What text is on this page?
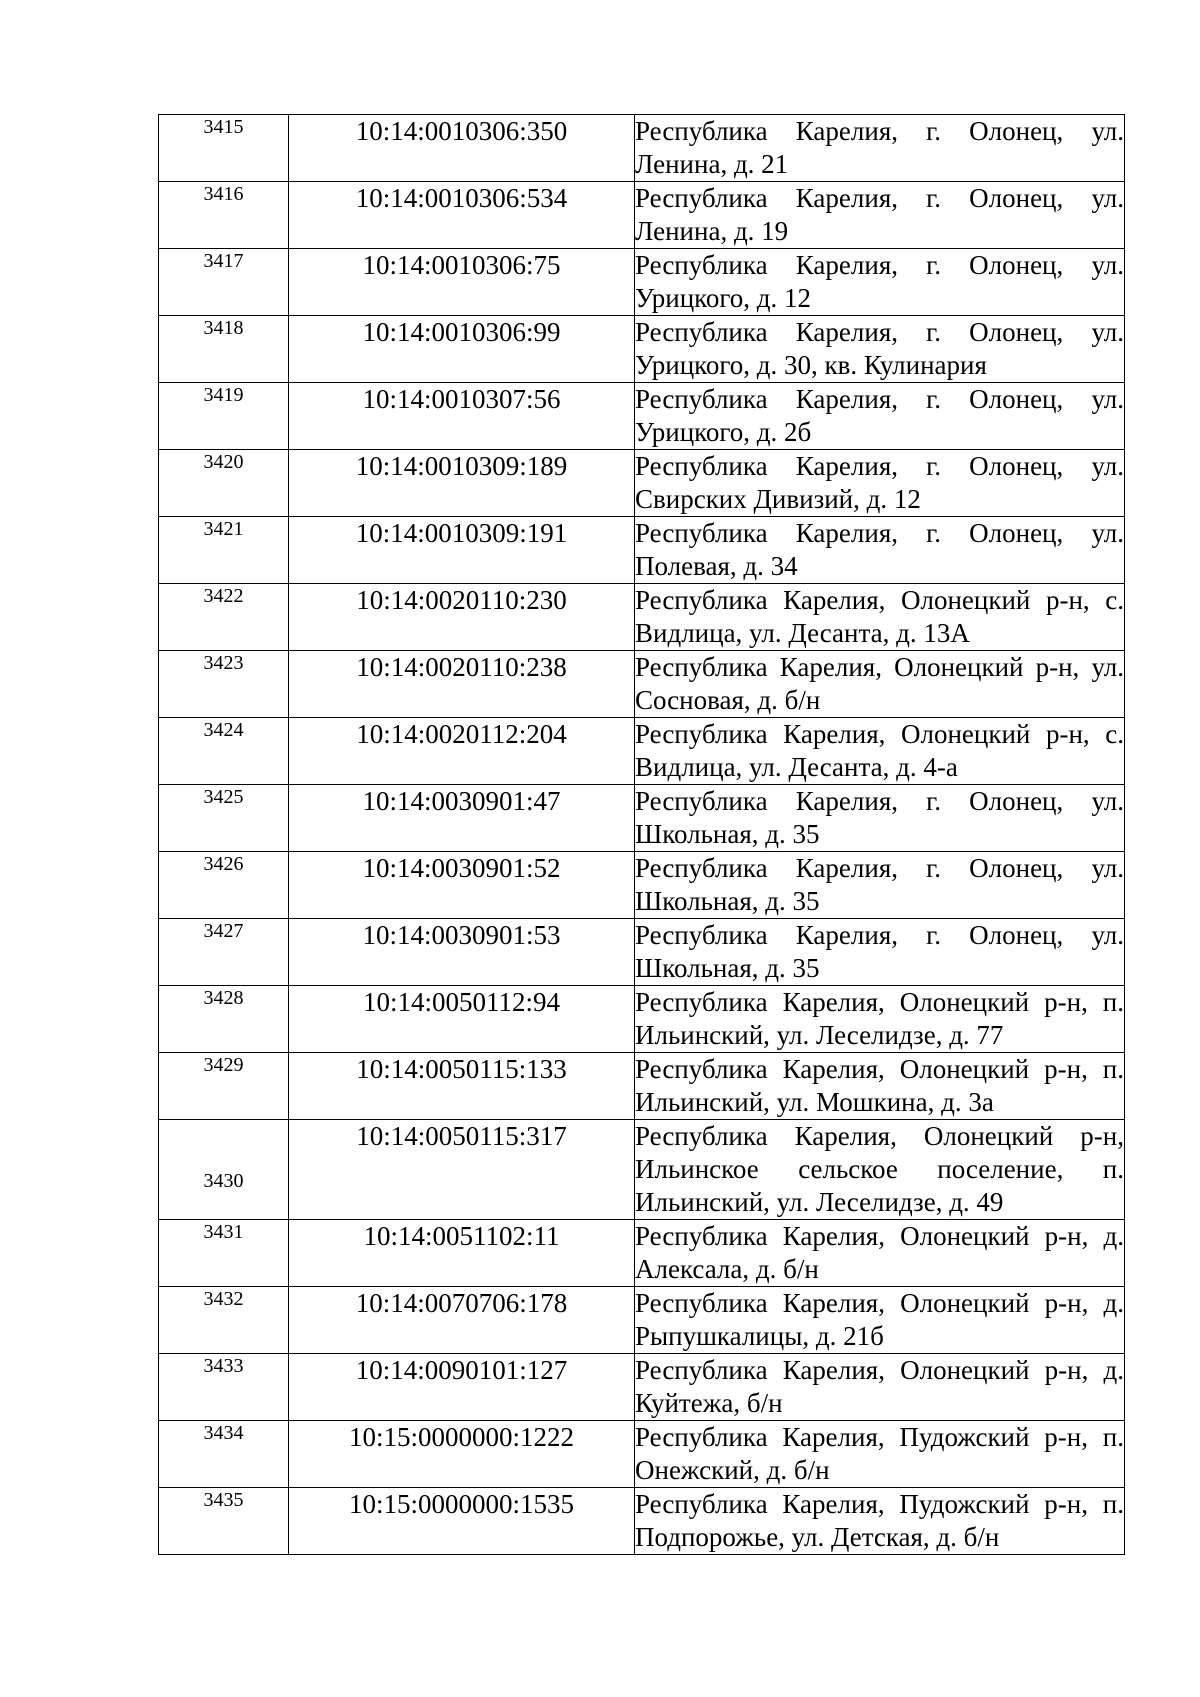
3415	10:14:0010306:350	Республика Карелия, г. Олонец, ул. Ленина, д. 21
3416	10:14:0010306:534	Республика Карелия, г. Олонец, ул. Ленина, д. 19
3417	10:14:0010306:75	Республика Карелия, г. Олонец, ул. Урицкого, д. 12
3418	10:14:0010306:99	Республика Карелия, г. Олонец, ул. Урицкого, д. 30, кв. Кулинария
3419	10:14:0010307:56	Республика Карелия, г. Олонец, ул. Урицкого, д. 2б
3420	10:14:0010309:189	Республика Карелия, г. Олонец, ул. Свирских Дивизий, д. 12
3421	10:14:0010309:191	Республика Карелия, г. Олонец, ул. Полевая, д. 34
3422	10:14:0020110:230	Республика Карелия, Олонецкий р-н, с. Видлица, ул. Десанта, д. 13А
3423	10:14:0020110:238	Республика Карелия, Олонецкий р-н, ул. Сосновая, д. б/н
3424	10:14:0020112:204	Республика Карелия, Олонецкий р-н, с. Видлица, ул. Десанта, д. 4-а
3425	10:14:0030901:47	Республика Карелия, г. Олонец, ул. Школьная, д. 35
3426	10:14:0030901:52	Республика Карелия, г. Олонец, ул. Школьная, д. 35
3427	10:14:0030901:53	Республика Карелия, г. Олонец, ул. Школьная, д. 35
3428	10:14:0050112:94	Республика Карелия, Олонецкий р-н, п. Ильинский, ул. Леселидзе, д. 77
3429	10:14:0050115:133	Республика Карелия, Олонецкий р-н, п. Ильинский, ул. Мошкина, д. 3а
3430	10:14:0050115:317	Республика Карелия, Олонецкий р-н, Ильинское сельское поселение, п. Ильинский, ул. Леселидзе, д. 49
3431	10:14:0051102:11	Республика Карелия, Олонецкий р-н, д. Алексала, д. б/н
3432	10:14:0070706:178	Республика Карелия, Олонецкий р-н, д. Рыпушкалицы, д. 21б
3433	10:14:0090101:127	Республика Карелия, Олонецкий р-н, д. Куйтежа, б/н
3434	10:15:0000000:1222	Республика Карелия, Пудожский р-н, п. Онежский, д. б/н
3435	10:15:0000000:1535	Республика Карелия, Пудожский р-н, п. Подпорожье, ул. Детская, д. б/н
